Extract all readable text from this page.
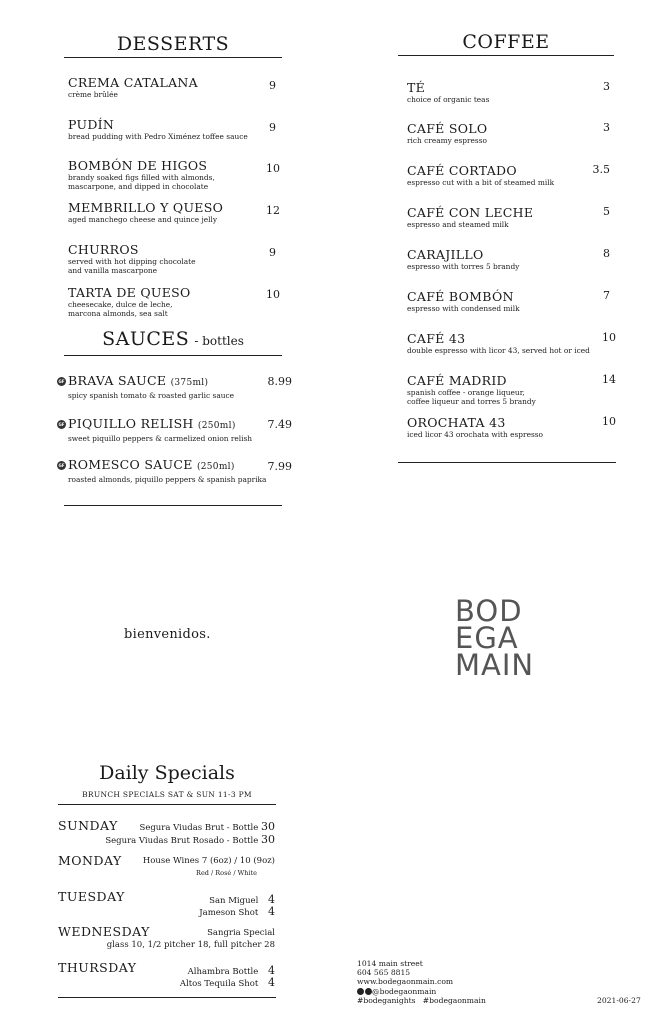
DESSERTS
CREMA CATALANA
crème brûlée
9
PUDÍN
bread pudding with Pedro Ximénez toffee sauce
9
BOMBÓN DE HIGOS
brandy soaked figs filled with almonds,
mascarpone, and dipped in chocolate
10
MEMBRILLO Y QUESO
aged manchego cheese and quince jelly
12
CHURROS
served with hot dipping chocolate
and vanilla mascarpone
9
TARTA DE QUESO
cheesecake, dulce de leche,
marcona almonds, sea salt
10
SAUCES - bottles
GF BRAVA SAUCE (375ml)
spicy spanish tomato & roasted garlic sauce
8.99
GF PIQUILLO RELISH (250ml)
sweet piquillo peppers & carmelized onion relish
7.49
GF ROMESCO SAUCE (250ml)
roasted almonds, piquillo peppers & spanish paprika
7.99
COFFEE
TÉ
choice of organic teas
3
CAFÉ SOLO
rich creamy espresso
3
CAFÉ CORTADO
espresso cut with a bit of steamed milk
3.5
CAFÉ CON LECHE
espresso and steamed milk
5
CARAJILLO
espresso with torres 5 brandy
8
CAFÉ BOMBÓN
espresso with condensed milk
7
CAFÉ 43
double espresso with licor 43, served hot or iced
10
CAFÉ MADRID
spanish coffee - orange liqueur,
coffee liqueur and torres 5 brandy
14
OROCHATA 43
iced licor 43 orochata with espresso
10
bienvenidos.
BOD
EGA
MAIN
Daily Specials
BRUNCH SPECIALS SAT & SUN 11-3 PM
SUNDAY	Segura Viudas Brut - Bottle 30
Segura Viudas Brut Rosado - Bottle 30
MONDAY House Wines 7 (6oz) / 10 (9oz)
Red / Rosé / White
TUESDAY	San Miguel 4
Jameson Shot 4
WEDNESDAY	Sangria Special
glass 10, 1/2 pitcher 18, full pitcher 28
THURSDAY	Alhambra Bottle 4
Altos Tequila Shot 4
1014 main street
604 565 8815
www.bodegaonmain.com
@bodegaonmain
#bodeganights   #bodegaonmain	2021-06-27
